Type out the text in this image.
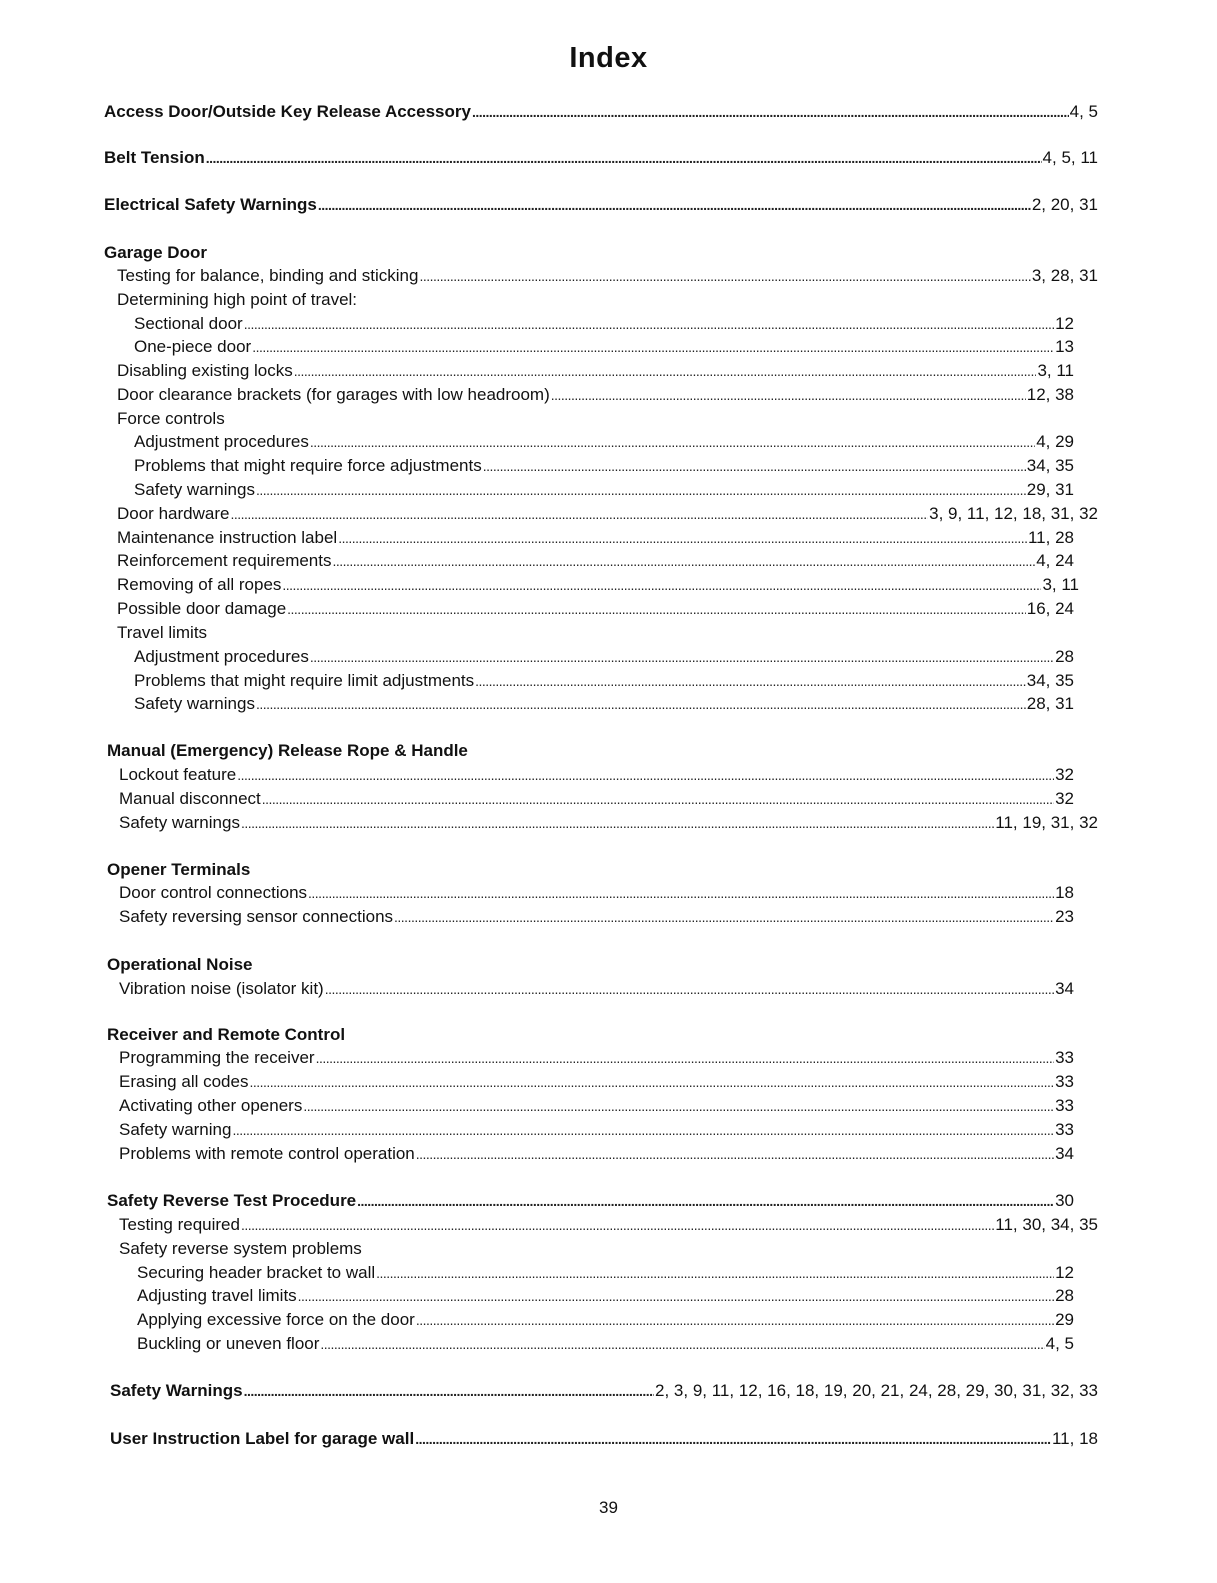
Index
Access Door/Outside Key Release Accessory . . .	4, 5
Belt Tension . . .	4, 5, 11
Electrical Safety Warnings . . .	2, 20, 31
Garage Door
Testing for balance, binding and sticking . . .	3, 28, 31
Determining high point of travel:
Sectional door . . .	12
One-piece door . . .	13
Disabling existing locks . . .	3, 11
Door clearance brackets (for garages with low headroom) . . .	12, 38
Force controls
Adjustment procedures . . .	4, 29
Problems that might require force adjustments . . .	34, 35
Safety warnings . . .	29, 31
Door hardware . . .	3, 9, 11, 12, 18, 31, 32
Maintenance instruction label . . .	11, 28
Reinforcement requirements . . .	4, 24
Removing of all ropes . . .	3, 11
Possible door damage . . .	16, 24
Travel limits
Adjustment procedures . . .	28
Problems that might require limit adjustments . . .	34, 35
Safety warnings . . .	28, 31
Manual (Emergency) Release Rope & Handle
Lockout feature . . .	32
Manual disconnect . . .	32
Safety warnings . . .	11, 19, 31, 32
Opener Terminals
Door control connections . . .	18
Safety reversing sensor connections . . .	23
Operational Noise
Vibration noise (isolator kit) . . .	34
Receiver and Remote Control
Programming the receiver . . .	33
Erasing all codes . . .	33
Activating other openers . . .	33
Safety warning . . .	33
Problems with remote control operation . . .	34
Safety Reverse Test Procedure . . .	30
Testing required . . .	11, 30, 34, 35
Safety reverse system problems
Securing header bracket to wall . . .	12
Adjusting travel limits . . .	28
Applying excessive force on the door . . .	29
Buckling or uneven floor . . .	4, 5
Safety Warnings . . .	2, 3, 9, 11, 12, 16, 18, 19, 20, 21, 24, 28, 29, 30, 31, 32, 33
User Instruction Label for garage wall . . .	11, 18
39
